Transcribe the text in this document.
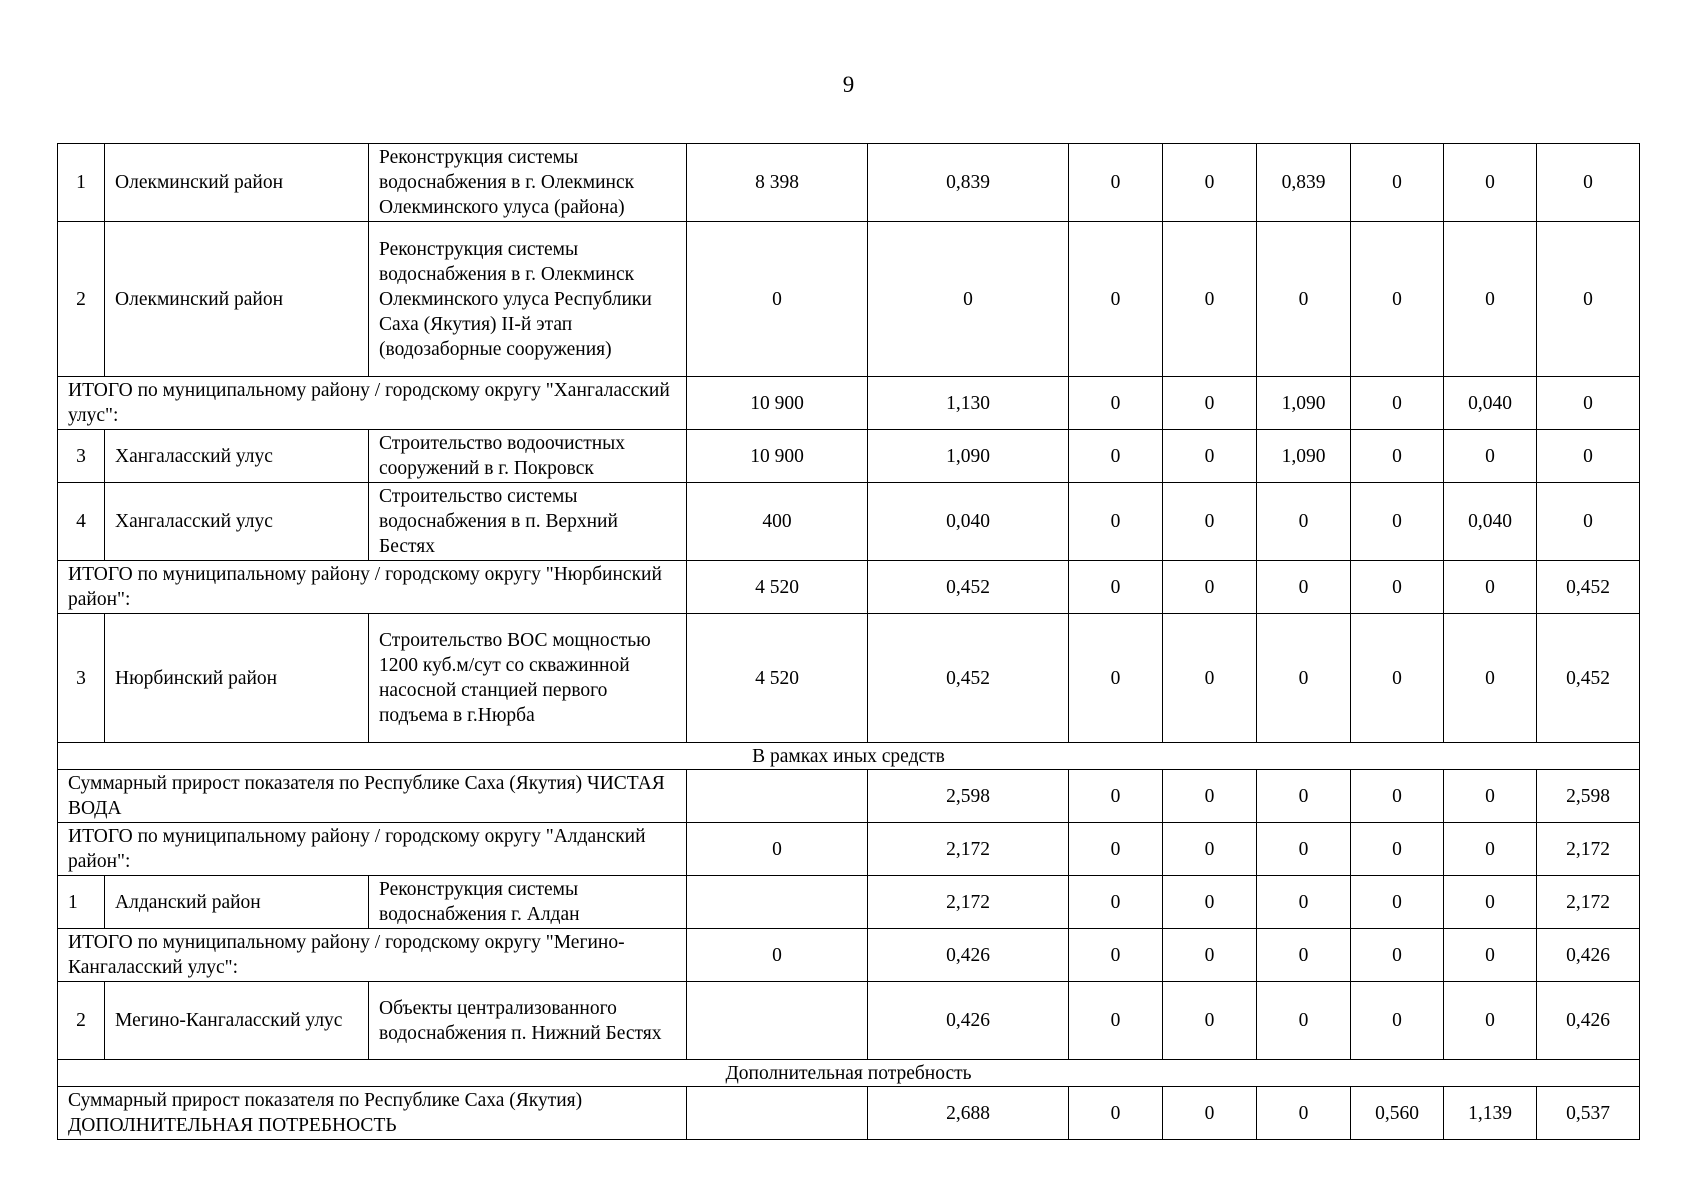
9
1	Олекминский район	Реконструкция системы водоснабжения в г. Олекминск Олекминского улуса (района)	8 398	0,839	0	0	0,839	0	0	0
2	Олекминский район	Реконструкция системы водоснабжения в г. Олекминск Олекминского улуса Республики Саха (Якутия) II-й этап (водозаборные сооружения)	0	0	0	0	0	0	0	0
ИТОГО по муниципальному району / городскому округу "Хангаласский улус":			10 900	1,130	0	0	1,090	0	0,040	0
3	Хангаласский улус	Строительство водоочистных сооружений в г. Покровск	10 900	1,090	0	0	1,090	0	0	0
4	Хангаласский улус	Строительство системы водоснабжения в п. Верхний Бестях	400	0,040	0	0	0	0	0,040	0
ИТОГО по муниципальному району / городскому округу "Нюрбинский район":			4 520	0,452	0	0	0	0	0	0,452
3	Нюрбинский район	Строительство ВОС мощностью 1200 куб.м/сут со скважинной насосной станцией первого подъема в г.Нюрба	4 520	0,452	0	0	0	0	0	0,452
В рамках иных средств										
Суммарный прирост показателя по Республике Саха (Якутия) ЧИСТАЯ ВОДА				2,598	0	0	0	0	0	2,598
ИТОГО по муниципальному району / городскому округу "Алданский район":			0	2,172	0	0	0	0	0	2,172
1	Алданский район	Реконструкция системы водоснабжения г. Алдан		2,172	0	0	0	0	0	2,172
ИТОГО по муниципальному району / городскому округу "Мегино-Кангаласский улус":			0	0,426	0	0	0	0	0	0,426
2	Мегино-Кангаласский улус	Объекты централизованного водоснабжения п. Нижний Бестях		0,426	0	0	0	0	0	0,426
Дополнительная потребность										
Суммарный прирост показателя по Республике Саха (Якутия) ДОПОЛНИТЕЛЬНАЯ ПОТРЕБНОСТЬ				2,688	0	0	0	0,560	1,139	0,537
